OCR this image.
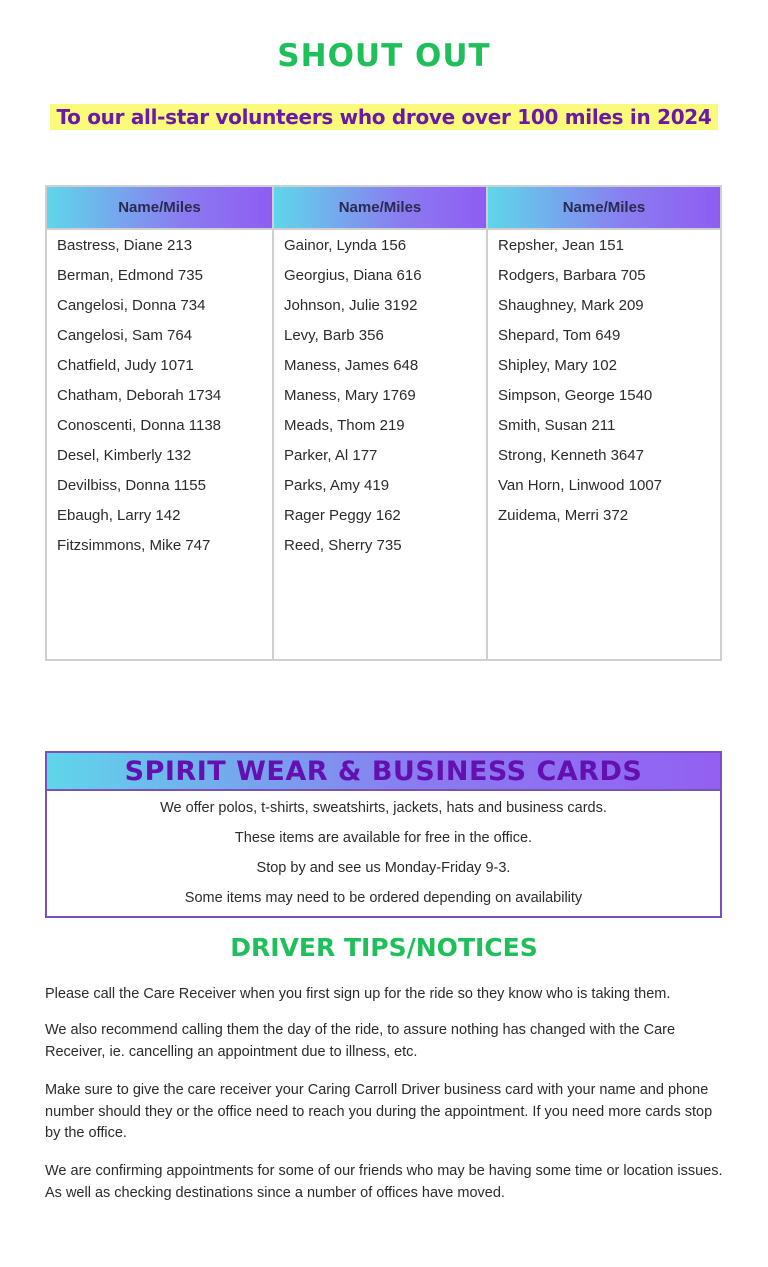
SHOUT OUT
To our all-star volunteers who drove over 100 miles in 2024
Name/Miles
Bastress, Diane 213
Berman, Edmond 735
Cangelosi, Donna 734
Cangelosi, Sam 764
Chatfield, Judy 1071
Chatham, Deborah 1734
Conoscenti, Donna 1138
Desel, Kimberly 132
Devilbiss, Donna 1155
Ebaugh, Larry 142
Fitzsimmons, Mike 747
Name/Miles
Gainor, Lynda 156
Georgius, Diana 616
Johnson, Julie 3192
Levy, Barb 356
Maness, James 648
Maness, Mary 1769
Meads, Thom 219
Parker, Al 177
Parks, Amy 419
Rager Peggy 162
Reed, Sherry 735
Name/Miles
Repsher, Jean 151
Rodgers, Barbara 705
Shaughney, Mark 209
Shepard, Tom 649
Shipley, Mary 102
Simpson, George 1540
Smith, Susan 211
Strong, Kenneth 3647
Van Horn, Linwood 1007
Zuidema, Merri 372
SPIRIT WEAR & BUSINESS CARDS

We offer polos, t-shirts, sweatshirts, jackets, hats and business cards.

These items are available for free in the office.

Stop by and see us Monday-Friday 9-3.

Some items may need to be ordered depending on availability

DRIVER TIPS/NOTICES

Please call the Care Receiver when you first sign up for the ride so they know who is taking them.

We also recommend calling them the day of the ride, to assure nothing has changed with the Care Receiver, ie. cancelling an appointment due to illness, etc.

Make sure to give the care receiver your Caring Carroll Driver business card with your name and phone number should they or the office need to reach you during the appointment. If you need more cards stop by the office.

We are confirming appointments for some of our friends who may be having some time or location issues. As well as checking destinations since a number of offices have moved.
